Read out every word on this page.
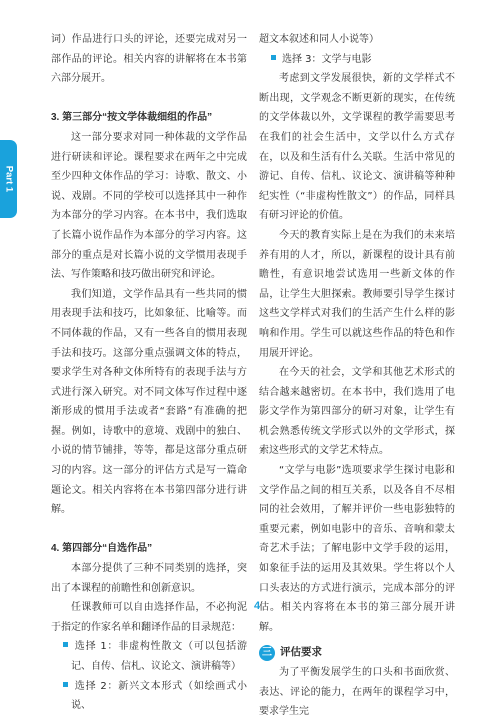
Part 1

词）作品进行口头的评论，还要完成对另一部作品的评论。相关内容的讲解将在本书第六部分展开。

3. 第三部分“按文学体裁细组的作品”

这一部分要求对同一种体裁的文学作品进行研读和评论。课程要求在两年之中完成至少四种文体作品的学习：诗歌、散文、小说、戏剧。不同的学校可以选择其中一种作为本部分的学习内容。在本书中，我们选取了长篇小说作品作为本部分的学习内容。这部分的重点是对长篇小说的文学惯用表现手法、写作策略和技巧做出研究和评论。

我们知道，文学作品具有一些共同的惯用表现手法和技巧，比如象征、比喻等。而不同体裁的作品，又有一些各自的惯用表现手法和技巧。这部分重点强调文体的特点，要求学生对各种文体所特有的表现手法与方式进行深入研究。对不同文体写作过程中逐渐形成的惯用手法或者“套路”有准确的把握。例如，诗歌中的意境、戏剧中的独白、小说的情节铺排，等等，都是这部分重点研习的内容。这一部分的评估方式是写一篇命题论文。相关内容将在本书第四部分进行讲解。

4. 第四部分“自选作品”

本部分提供了三种不同类别的选择，突出了本课程的前瞻性和创新意识。

任课教师可以自由选择作品，不必拘泥于指定的作家名单和翻译作品的目录规范：

选择 1：非虚构性散文（可以包括游记、自传、信札、议论文、演讲稿等）

选择 2：新兴文本形式（如绘画式小说、

超文本叙述和同人小说等）

选择 3：文学与电影

考虑到文学发展很快，新的文学样式不断出现，文学观念不断更新的现实，在传统的文学体裁以外，文学课程的教学需要思考在我们的社会生活中，文学以什么方式存在，以及和生活有什么关联。生活中常见的游记、自传、信札、议论文、演讲稿等种种纪实性（“非虚构性散文”）的作品，同样具有研习评论的价值。

今天的教育实际上是在为我们的未来培养有用的人才，所以，新课程的设计具有前瞻性，有意识地尝试选用一些新文体的作品，让学生大胆探索。教师要引导学生探讨这些文学样式对我们的生活产生什么样的影响和作用。学生可以就这些作品的特色和作用展开评论。

在今天的社会，文学和其他艺术形式的结合越来越密切。在本书中，我们选用了电影文学作为第四部分的研习对象，让学生有机会熟悉传统文学形式以外的文学形式，探索这些形式的文学艺术特点。

“文学与电影”选项要求学生探讨电影和文学作品之间的相互关系，以及各自不尽相同的社会效用，了解并评价一些电影独特的重要元素，例如电影中的音乐、音响和蒙太奇艺术手法；了解电影中文学手段的运用，如象征手法的运用及其效果。学生将以个人口头表达的方式进行演示，完成本部分的评估。相关内容将在本书的第三部分展开讲解。

三 评估要求

为了平衡发展学生的口头和书面欣赏、表达、评论的能力，在两年的课程学习中，要求学生完

4
